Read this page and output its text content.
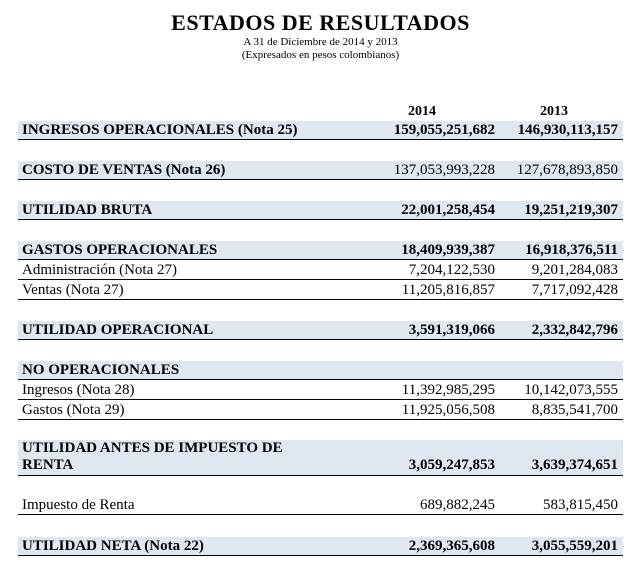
ESTADOS DE RESULTADOS
A 31 de Diciembre de 2014 y 2013
(Expresados en pesos colombianos)
2014	2013
INGRESOS OPERACIONALES (Nota 25)	159,055,251,682 146,930,113,157
COSTO DE VENTAS (Nota 26)	137,053,993,228 127,678,893,850
UTILIDAD BRUTA	22,001,258,454 19,251,219,307
GASTOS OPERACIONALES	18,409,939,387 16,918,376,511
Administración (Nota 27)	7,204,122,530 9,201,284,083
Ventas (Nota 27)	11,205,816,857 7,717,092,428
UTILIDAD OPERACIONAL	3,591,319,066 2,332,842,796
NO OPERACIONALES
Ingresos (Nota 28)	11,392,985,295 10,142,073,555
Gastos (Nota 29)	11,925,056,508 8,835,541,700
UTILIDAD ANTES DE IMPUESTO DE RENTA	3,059,247,853 3,639,374,651
Impuesto de Renta	689,882,245	583,815,450
UTILIDAD NETA (Nota 22)	2,369,365,608 3,055,559,201
